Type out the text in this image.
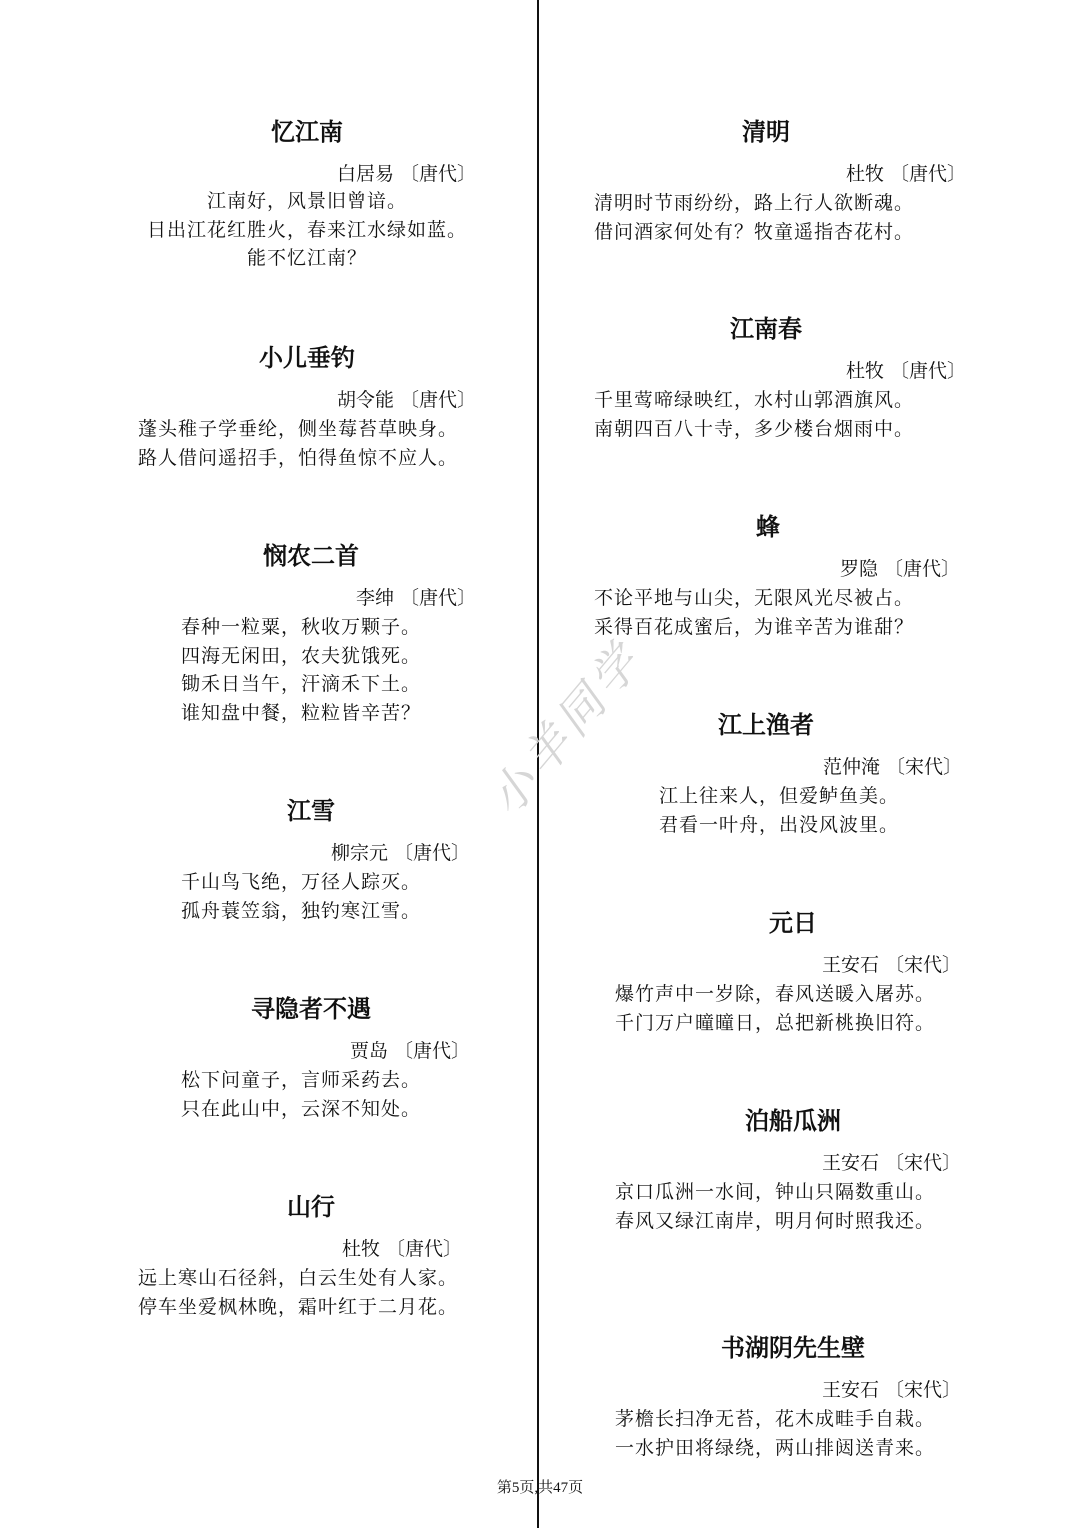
忆江南
白居易 〔唐代〕
江南好，风景旧曾谙。
日出江花红胜火，春来江水绿如蓝。
能不忆江南？
小儿垂钓
胡令能 〔唐代〕
蓬头稚子学垂纶，侧坐莓苔草映身。
路人借问遥招手，怕得鱼惊不应人。
悯农二首
李绅 〔唐代〕
春种一粒粟，秋收万颗子。
四海无闲田，农夫犹饿死。
锄禾日当午，汗滴禾下土。
谁知盘中餐，粒粒皆辛苦？
江雪
柳宗元 〔唐代〕
千山鸟飞绝，万径人踪灭。
孤舟蓑笠翁，独钓寒江雪。
寻隐者不遇
贾岛 〔唐代〕
松下问童子，言师采药去。
只在此山中，云深不知处。
山行
杜牧 〔唐代〕
远上寒山石径斜，白云生处有人家。
停车坐爱枫林晚，霜叶红于二月花。
清明
杜牧 〔唐代〕
清明时节雨纷纷，路上行人欲断魂。
借问酒家何处有？牧童遥指杏花村。
江南春
杜牧 〔唐代〕
千里莺啼绿映红，水村山郭酒旗风。
南朝四百八十寺，多少楼台烟雨中。
蜂
罗隐 〔唐代〕
不论平地与山尖，无限风光尽被占。
采得百花成蜜后，为谁辛苦为谁甜？
江上渔者
范仲淹 〔宋代〕
江上往来人，但爱鲈鱼美。
君看一叶舟，出没风波里。
元日
王安石 〔宋代〕
爆竹声中一岁除，春风送暖入屠苏。
千门万户曈曈日，总把新桃换旧符。
泊船瓜洲
王安石 〔宋代〕
京口瓜洲一水间，钟山只隔数重山。
春风又绿江南岸，明月何时照我还。
书湖阴先生壁
王安石 〔宋代〕
茅檐长扫净无苔，花木成畦手自栽。
一水护田将绿绕，两山排闼送青来。
小羊同学
第5页,共47页
